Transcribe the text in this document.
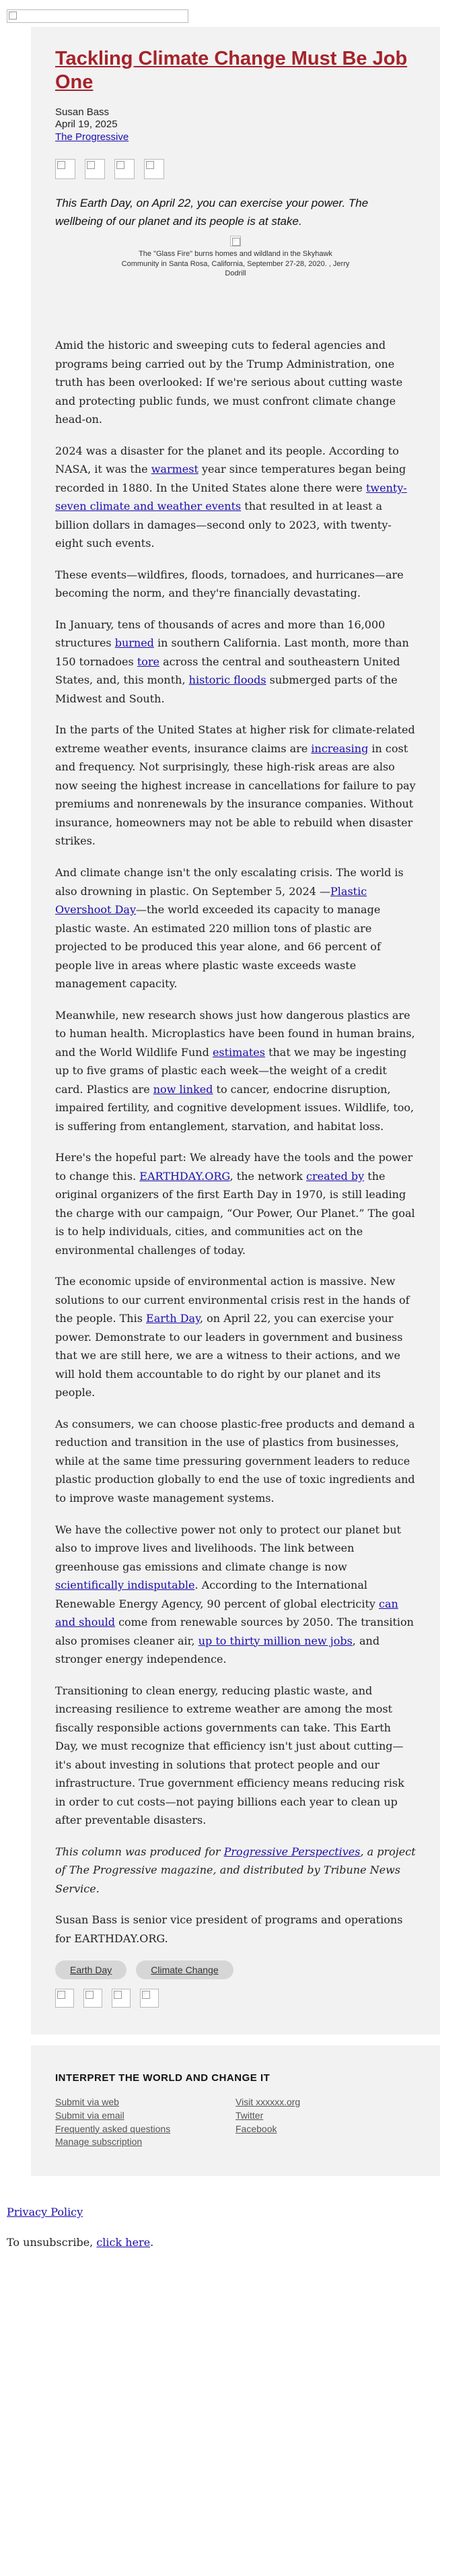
Tackling Climate Change Must Be Job One
Susan Bass
April 19, 2025
The Progressive

This Earth Day, on April 22, you can exercise your power. The wellbeing of our planet and its people is at stake.

The "Glass Fire" burns homes and wildland in the Skyhawk Community in Santa Rosa, California, September 27-28, 2020. , Jerry Dodrill

Amid the historic and sweeping cuts to federal agencies and programs being carried out by the Trump Administration, one truth has been overlooked: If we're serious about cutting waste and protecting public funds, we must confront climate change head-on.

2024 was a disaster for the planet and its people. According to NASA, it was the warmest year since temperatures began being recorded in 1880. In the United States alone there were twenty-seven climate and weather events that resulted in at least a billion dollars in damages—second only to 2023, with twenty-eight such events.

These events—wildfires, floods, tornadoes, and hurricanes—are becoming the norm, and they're financially devastating.

In January, tens of thousands of acres and more than 16,000 structures burned in southern California. Last month, more than 150 tornadoes tore across the central and southeastern United States, and, this month, historic floods submerged parts of the Midwest and South.

In the parts of the United States at higher risk for climate-related extreme weather events, insurance claims are increasing in cost and frequency. Not surprisingly, these high-risk areas are also now seeing the highest increase in cancellations for failure to pay premiums and nonrenewals by the insurance companies. Without insurance, homeowners may not be able to rebuild when disaster strikes.

And climate change isn't the only escalating crisis. The world is also drowning in plastic. On September 5, 2024 —Plastic Overshoot Day—the world exceeded its capacity to manage plastic waste. An estimated 220 million tons of plastic are projected to be produced this year alone, and 66 percent of people live in areas where plastic waste exceeds waste management capacity.

Meanwhile, new research shows just how dangerous plastics are to human health. Microplastics have been found in human brains, and the World Wildlife Fund estimates that we may be ingesting up to five grams of plastic each week—the weight of a credit card. Plastics are now linked to cancer, endocrine disruption, impaired fertility, and cognitive development issues. Wildlife, too, is suffering from entanglement, starvation, and habitat loss.

Here's the hopeful part: We already have the tools and the power to change this. EARTHDAY.ORG, the network created by the original organizers of the first Earth Day in 1970, is still leading the charge with our campaign, “Our Power, Our Planet.” The goal is to help individuals, cities, and communities act on the environmental challenges of today.

The economic upside of environmental action is massive. New solutions to our current environmental crisis rest in the hands of the people. This Earth Day, on April 22, you can exercise your power. Demonstrate to our leaders in government and business that we are still here, we are a witness to their actions, and we will hold them accountable to do right by our planet and its people.

As consumers, we can choose plastic-free products and demand a reduction and transition in the use of plastics from businesses, while at the same time pressuring government leaders to reduce plastic production globally to end the use of toxic ingredients and to improve waste management systems.

We have the collective power not only to protect our planet but also to improve lives and livelihoods. The link between greenhouse gas emissions and climate change is now scientifically indisputable. According to the International Renewable Energy Agency, 90 percent of global electricity can and should come from renewable sources by 2050. The transition also promises cleaner air, up to thirty million new jobs, and stronger energy independence.

Transitioning to clean energy, reducing plastic waste, and increasing resilience to extreme weather are among the most fiscally responsible actions governments can take. This Earth Day, we must recognize that efficiency isn't just about cutting—it's about investing in solutions that protect people and our infrastructure. True government efficiency means reducing risk in order to cut costs—not paying billions each year to clean up after preventable disasters.

This column was produced for Progressive Perspectives, a project of The Progressive magazine, and distributed by Tribune News Service.

Susan Bass is senior vice president of programs and operations for EARTHDAY.ORG.

Earth Day	Climate Change
INTERPRET THE WORLD AND CHANGE IT
Submit via web
Submit via email
Frequently asked questions
Manage subscription
Visit xxxxxx.org
Twitter
Facebook

Privacy Policy

To unsubscribe, click here.
